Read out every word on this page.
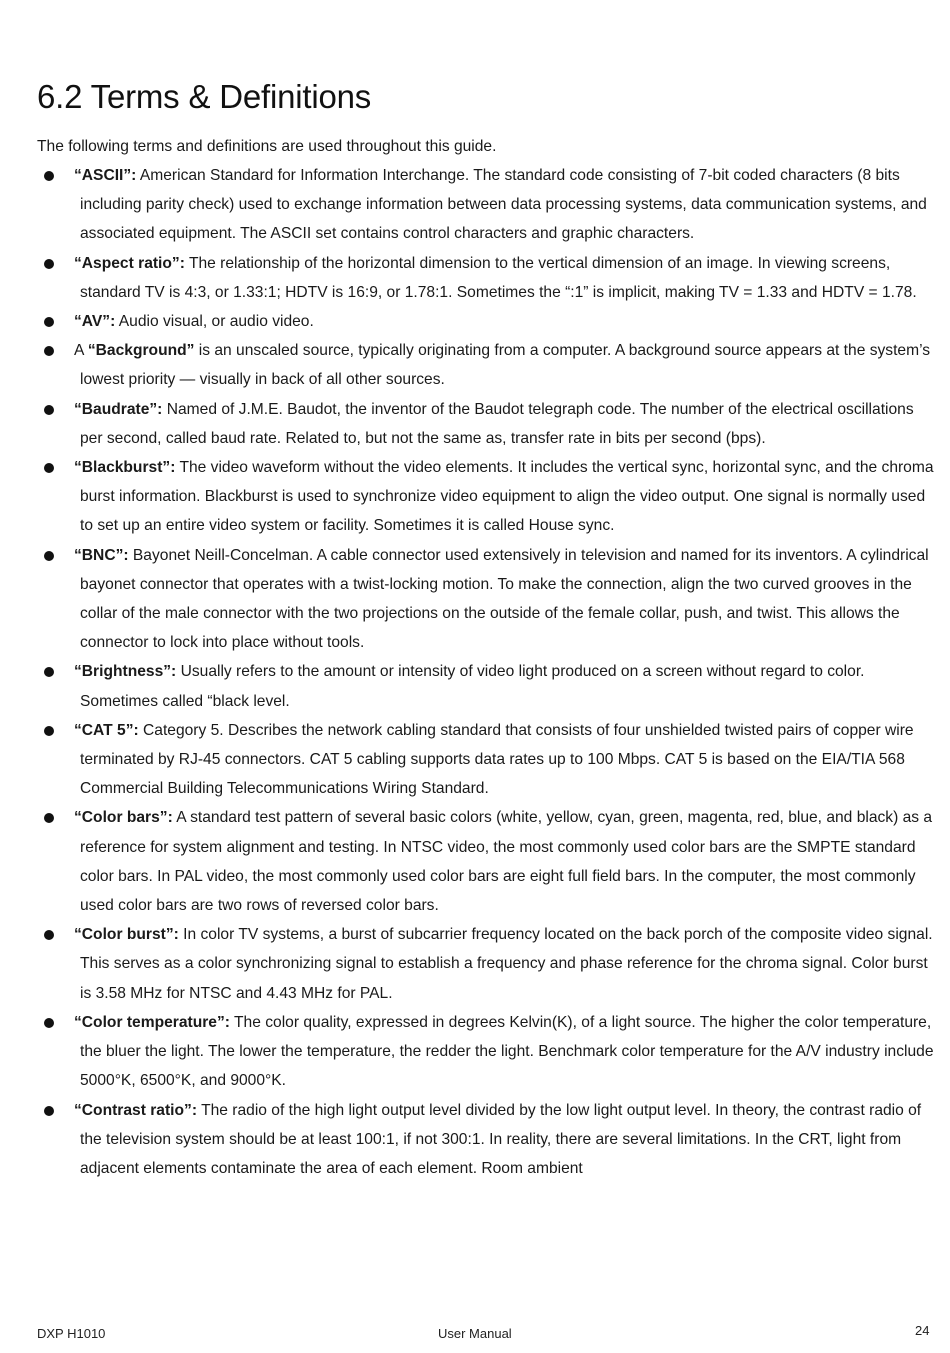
6.2 Terms & Definitions

The following terms and definitions are used throughout this guide.

“ASCII”: American Standard for Information Interchange. The standard code consisting of 7-bit coded characters (8 bits including parity check) used to exchange information between data processing systems, data communication systems, and associated equipment. The ASCII set contains control characters and graphic characters.
“Aspect ratio”: The relationship of the horizontal dimension to the vertical dimension of an image. In viewing screens, standard TV is 4:3, or 1.33:1; HDTV is 16:9, or 1.78:1. Sometimes the “:1” is implicit, making TV = 1.33 and HDTV = 1.78.
“AV”: Audio visual, or audio video.
A “Background” is an unscaled source, typically originating from a computer. A background source appears at the system’s lowest priority — visually in back of all other sources.
“Baudrate”: Named of J.M.E. Baudot, the inventor of the Baudot telegraph code. The number of the electrical oscillations per second, called baud rate. Related to, but not the same as, transfer rate in bits per second (bps).
“Blackburst”: The video waveform without the video elements. It includes the vertical sync, horizontal sync, and the chroma burst information. Blackburst is used to synchronize video equipment to align the video output. One signal is normally used to set up an entire video system or facility. Sometimes it is called House sync.
“BNC”: Bayonet Neill-Concelman. A cable connector used extensively in television and named for its inventors. A cylindrical bayonet connector that operates with a twist-locking motion. To make the connection, align the two curved grooves in the collar of the male connector with the two projections on the outside of the female collar, push, and twist. This allows the connector to lock into place without tools.
“Brightness”: Usually refers to the amount or intensity of video light produced on a screen without regard to color. Sometimes called “black level.
“CAT 5”: Category 5. Describes the network cabling standard that consists of four unshielded twisted pairs of copper wire terminated by RJ-45 connectors. CAT 5 cabling supports data rates up to 100 Mbps. CAT 5 is based on the EIA/TIA 568 Commercial Building Telecommunications Wiring Standard.
“Color bars”: A standard test pattern of several basic colors (white, yellow, cyan, green, magenta, red, blue, and black) as a reference for system alignment and testing. In NTSC video, the most commonly used color bars are the SMPTE standard color bars. In PAL video, the most commonly used color bars are eight full field bars. In the computer, the most commonly used color bars are two rows of reversed color bars.
“Color burst”: In color TV systems, a burst of subcarrier frequency located on the back porch of the composite video signal. This serves as a color synchronizing signal to establish a frequency and phase reference for the chroma signal. Color burst is 3.58 MHz for NTSC and 4.43 MHz for PAL.
“Color temperature”: The color quality, expressed in degrees Kelvin(K), of a light source. The higher the color temperature, the bluer the light. The lower the temperature, the redder the light. Benchmark color temperature for the A/V industry include 5000°K, 6500°K, and 9000°K.
“Contrast ratio”: The radio of the high light output level divided by the low light output level. In theory, the contrast radio of the television system should be at least 100:1, if not 300:1. In reality, there are several limitations. In the CRT, light from adjacent elements contaminate the area of each element. Room ambient
DXP H1010	User Manual	24
